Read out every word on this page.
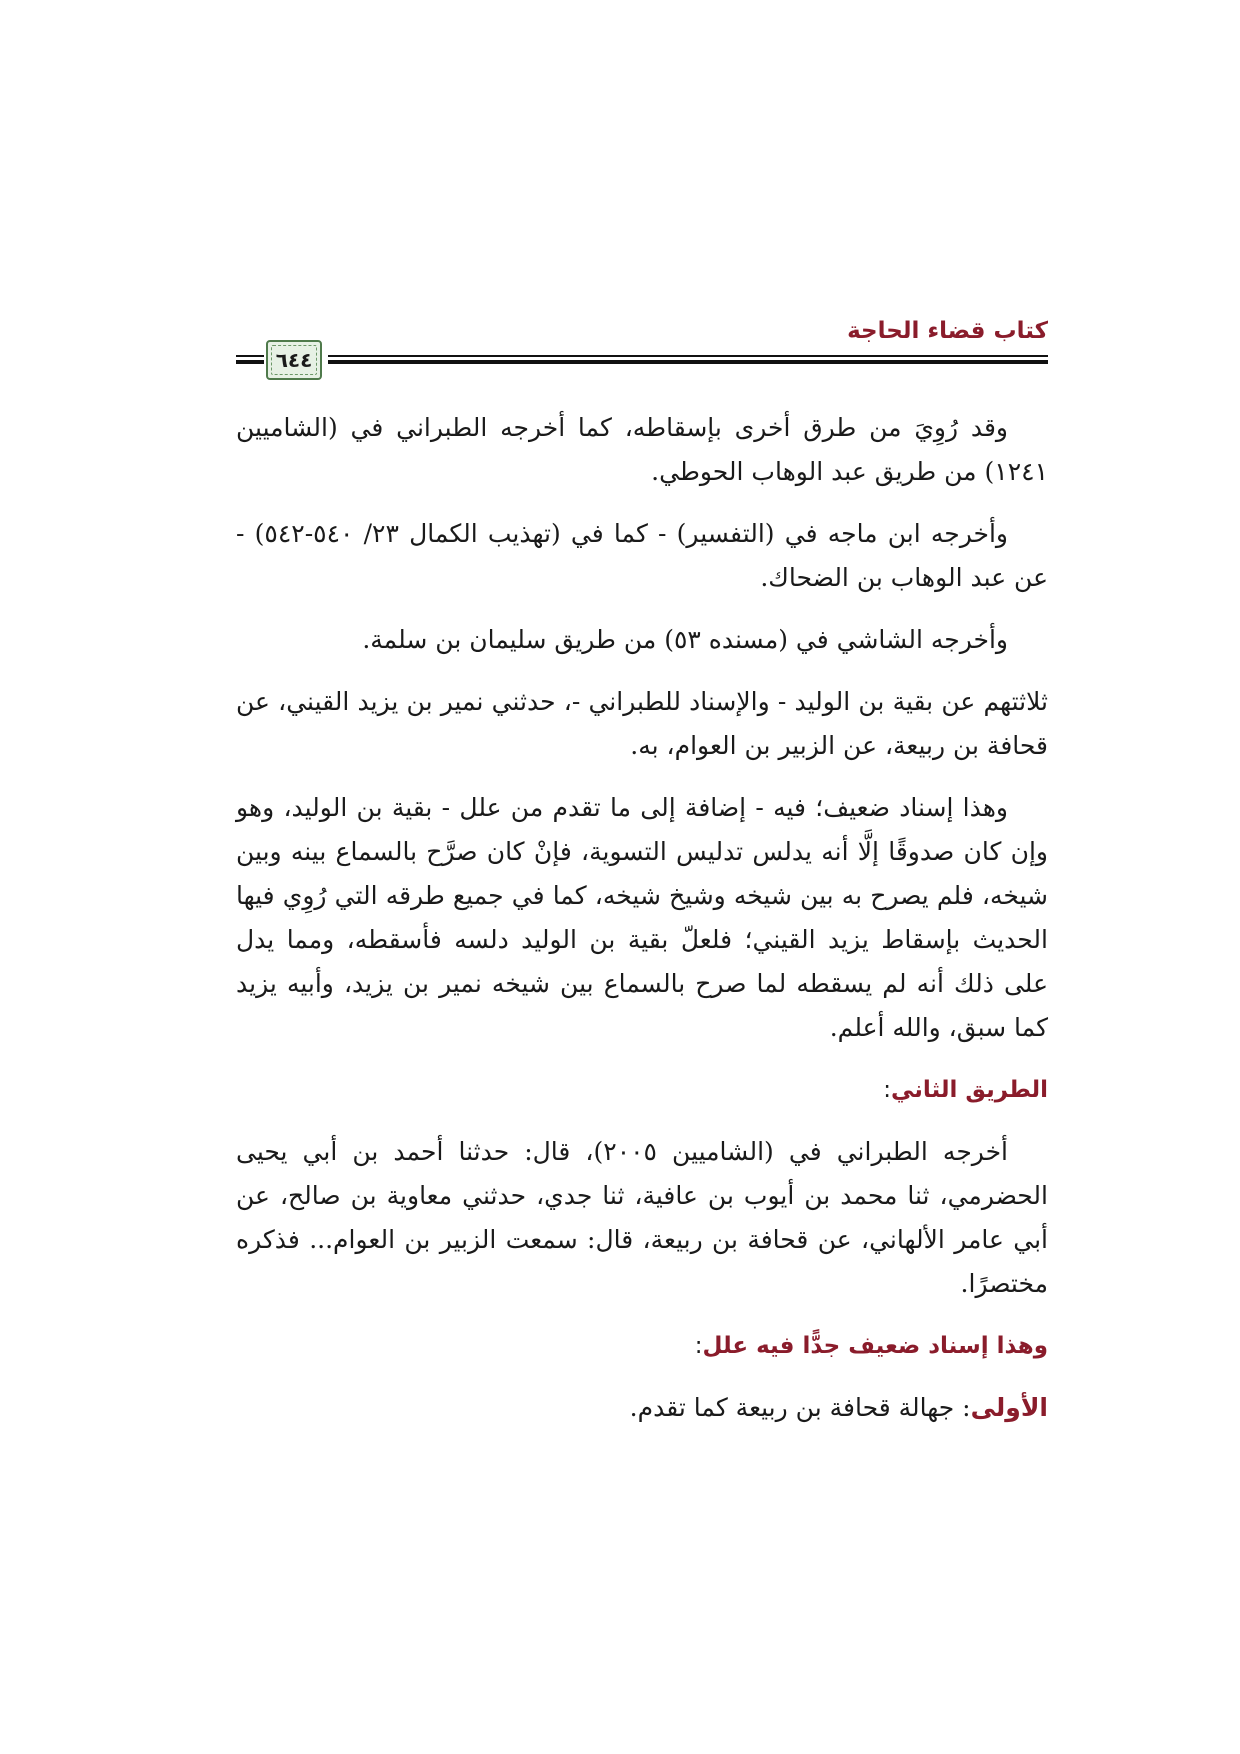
كتاب قضاء الحاجة
٦٤٤

وقد رُوِيَ من طرق أخرى بإسقاطه، كما أخرجه الطبراني في (الشاميين ١٢٤١) من طريق عبد الوهاب الحوطي.

وأخرجه ابن ماجه في (التفسير) - كما في (تهذيب الكمال ٢٣/ ٥٤٠-٥٤٢) - عن عبد الوهاب بن الضحاك.

وأخرجه الشاشي في (مسنده ٥٣) من طريق سليمان بن سلمة.

ثلاثتهم عن بقية بن الوليد - والإسناد للطبراني -، حدثني نمير بن يزيد القيني، عن قحافة بن ربيعة، عن الزبير بن العوام، به.

وهذا إسناد ضعيف؛ فيه - إضافة إلى ما تقدم من علل - بقية بن الوليد، وهو وإن كان صدوقًا إلَّا أنه يدلس تدليس التسوية، فإنْ كان صرَّح بالسماع بينه وبين شيخه، فلم يصرح به بين شيخه وشيخ شيخه، كما في جميع طرقه التي رُوِي فيها الحديث بإسقاط يزيد القيني؛ فلعلّ بقية بن الوليد دلسه فأسقطه، ومما يدل على ذلك أنه لم يسقطه لما صرح بالسماع بين شيخه نمير بن يزيد، وأبيه يزيد كما سبق، والله أعلم.

الطريق الثاني:

أخرجه الطبراني في (الشاميين ٢٠٠٥)، قال: حدثنا أحمد بن أبي يحيى الحضرمي، ثنا محمد بن أيوب بن عافية، ثنا جدي، حدثني معاوية بن صالح، عن أبي عامر الألهاني، عن قحافة بن ربيعة، قال: سمعت الزبير بن العوام... فذكره مختصرًا.

وهذا إسناد ضعيف جدًّا فيه علل:

الأولى: جهالة قحافة بن ربيعة كما تقدم.
